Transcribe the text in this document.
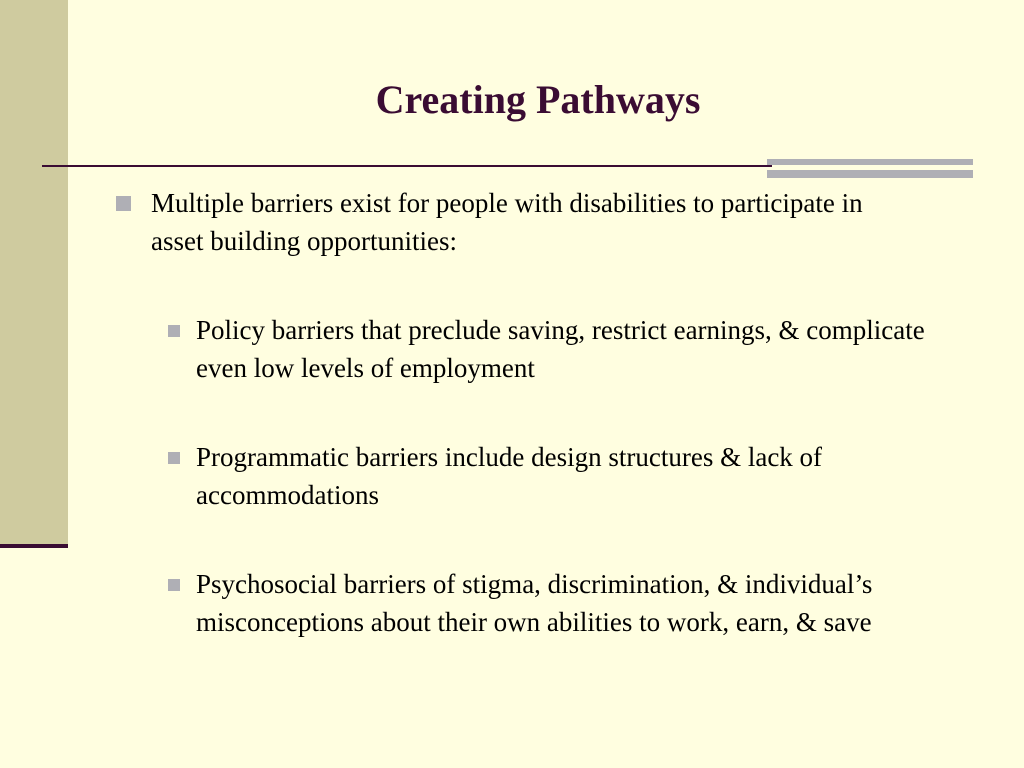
Creating Pathways
Multiple barriers exist for people with disabilities to participate in asset building opportunities:
Policy barriers that preclude saving, restrict earnings, & complicate even low levels of employment
Programmatic barriers include design structures & lack of accommodations
Psychosocial barriers of stigma, discrimination, & individual’s misconceptions about their own abilities to work, earn, & save
